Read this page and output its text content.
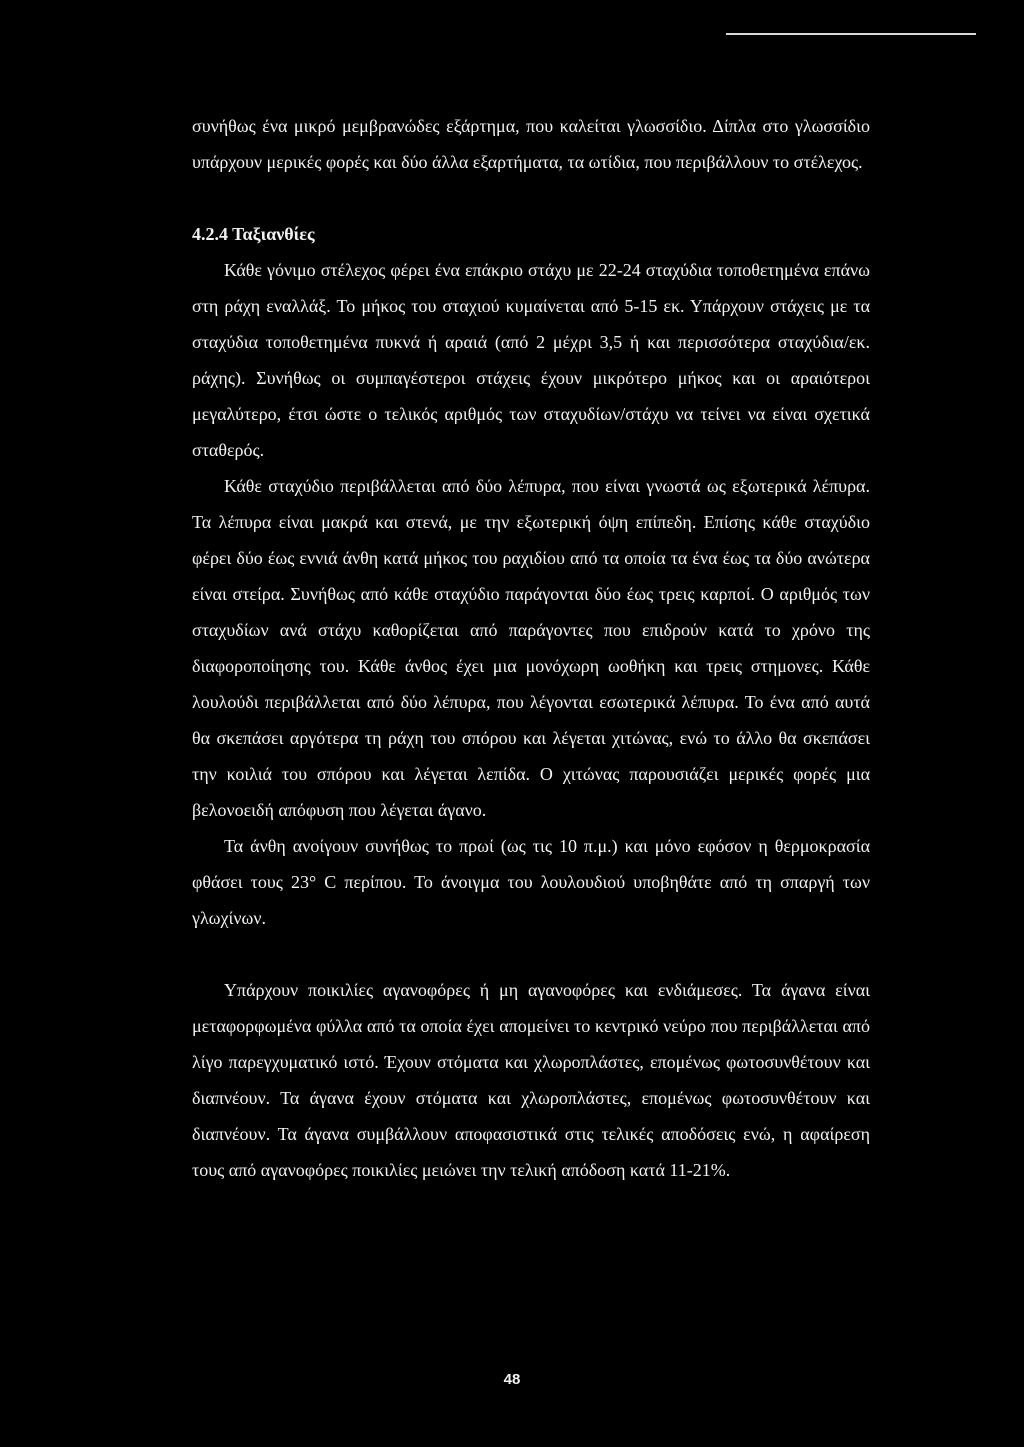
συνήθως ένα μικρό μεμβρανώδες εξάρτημα, που καλείται γλωσσίδιο. Δίπλα στο γλωσσίδιο υπάρχουν μερικές φορές και δύο άλλα εξαρτήματα, τα ωτίδια, που περιβάλλουν το στέλεχος.

4.2.4 Ταξιανθίες

Κάθε γόνιμο στέλεχος φέρει ένα επάκριο στάχυ με 22-24 σταχύδια τοποθετημένα επάνω στη ράχη εναλλάξ. Το μήκος του σταχιού κυμαίνεται από 5-15 εκ. Υπάρχουν στάχεις με τα σταχύδια τοποθετημένα πυκνά ή αραιά (από 2 μέχρι 3,5 ή και περισσότερα σταχύδια/εκ. ράχης). Συνήθως οι συμπαγέστεροι στάχεις έχουν μικρότερο μήκος και οι αραιότεροι μεγαλύτερο, έτσι ώστε ο τελικός αριθμός των σταχυδίων/στάχυ να τείνει να είναι σχετικά σταθερός.

Κάθε σταχύδιο περιβάλλεται από δύο λέπυρα, που είναι γνωστά ως εξωτερικά λέπυρα. Τα λέπυρα είναι μακρά και στενά, με την εξωτερική όψη επίπεδη. Επίσης κάθε σταχύδιο φέρει δύο έως εννιά άνθη κατά μήκος του ραχιδίου από τα οποία τα ένα έως τα δύο ανώτερα είναι στείρα. Συνήθως από κάθε σταχύδιο παράγονται δύο έως τρεις καρποί. Ο αριθμός των σταχυδίων ανά στάχυ καθορίζεται από παράγοντες που επιδρούν κατά το χρόνο της διαφοροποίησης του. Κάθε άνθος έχει μια μονόχωρη ωοθήκη και τρεις στημονες. Κάθε λουλούδι περιβάλλεται από δύο λέπυρα, που λέγονται εσωτερικά λέπυρα. Το ένα από αυτά θα σκεπάσει αργότερα τη ράχη του σπόρου και λέγεται χιτώνας, ενώ το άλλο θα σκεπάσει την κοιλιά του σπόρου και λέγεται λεπίδα. Ο χιτώνας παρουσιάζει μερικές φορές μια βελονοειδή απόφυση που λέγεται άγανο.

Τα άνθη ανοίγουν συνήθως το πρωί (ως τις 10 π.μ.) και μόνο εφόσον η θερμοκρασία φθάσει τους 23° C περίπου. Το άνοιγμα του λουλουδιού υποβηθάτε από τη σπαργή των γλωχίνων.

Υπάρχουν ποικιλίες αγανοφόρες ή μη αγανοφόρες και ενδιάμεσες. Τα άγανα είναι μεταφορφωμένα φύλλα από τα οποία έχει απομείνει το κεντρικό νεύρο που περιβάλλεται από λίγο παρεγχυματικό ιστό. Έχουν στόματα και χλωροπλάστες, επομένως φωτοσυνθέτουν και διαπνέουν. Τα άγανα έχουν στόματα και χλωροπλάστες, επομένως φωτοσυνθέτουν και διαπνέουν. Τα άγανα συμβάλλουν αποφασιστικά στις τελικές αποδόσεις ενώ, η αφαίρεση τους από αγανοφόρες ποικιλίες μειώνει την τελική απόδοση κατά 11-21%.

48
